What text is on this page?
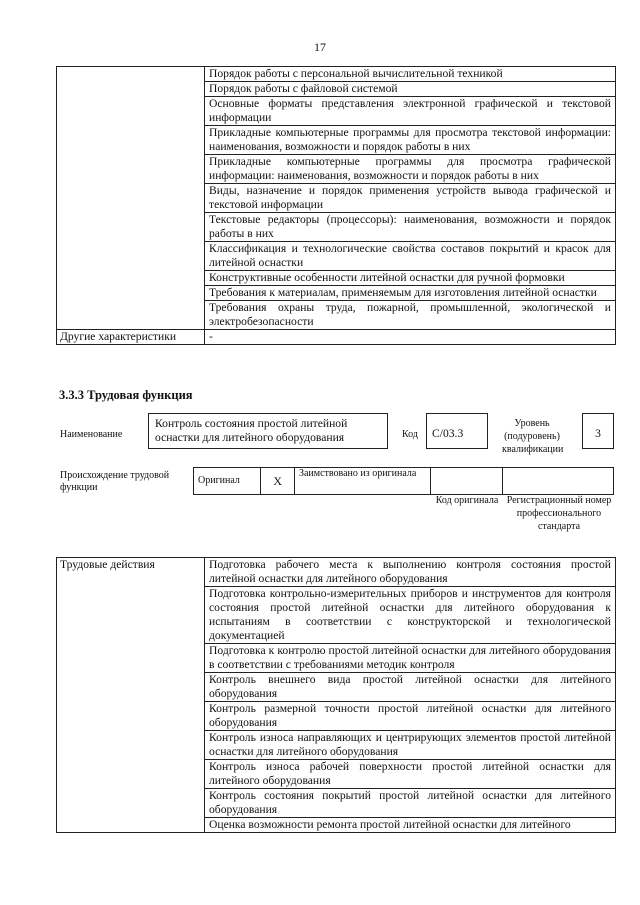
17
	Порядок работы с персональной вычислительной техникой
	Порядок работы с файловой системой
	Основные форматы представления электронной графической и текстовой информации
	Прикладные компьютерные программы для просмотра текстовой информации: наименования, возможности и порядок работы в них
	Прикладные компьютерные программы для просмотра графической информации: наименования, возможности и порядок работы в них
	Виды, назначение и порядок применения устройств вывода графической и текстовой информации
	Текстовые редакторы (процессоры): наименования, возможности и порядок работы в них
	Классификация и технологические свойства составов покрытий и красок для литейной оснастки
	Конструктивные особенности литейной оснастки для ручной формовки
	Требования к материалам, применяемым для изготовления литейной оснастки
	Требования охраны труда, пожарной, промышленной, экологической и электробезопасности
Другие характеристики	-
3.3.3 Трудовая функция
Наименование
Контроль состояния простой литейной оснастки для литейного оборудования	Код	С/03.3
Уровень (подуровень) квалификации
3
Происхождение трудовой функции
Оригинал	X	Заимствовано из оригинала		
Код оригинала Регистрационный номер профессионального стандарта
Трудовые действия	Подготовка рабочего места к выполнению контроля состояния простой литейной оснастки для литейного оборудования
Подготовка контрольно-измерительных приборов и инструментов для контроля состояния простой литейной оснастки для литейного оборудования к испытаниям в соответствии с конструкторской и технологической документацией
Подготовка к контролю простой литейной оснастки для литейного оборудования в соответствии с требованиями методик контроля
Контроль внешнего вида простой литейной оснастки для литейного оборудования
Контроль размерной точности простой литейной оснастки для литейного оборудования
Контроль износа направляющих и центрирующих элементов простой литейной оснастки для литейного оборудования
Контроль износа рабочей поверхности простой литейной оснастки для литейного оборудования
Контроль состояния покрытий простой литейной оснастки для литейного оборудования
Оценка возможности ремонта простой литейной оснастки для литейного
